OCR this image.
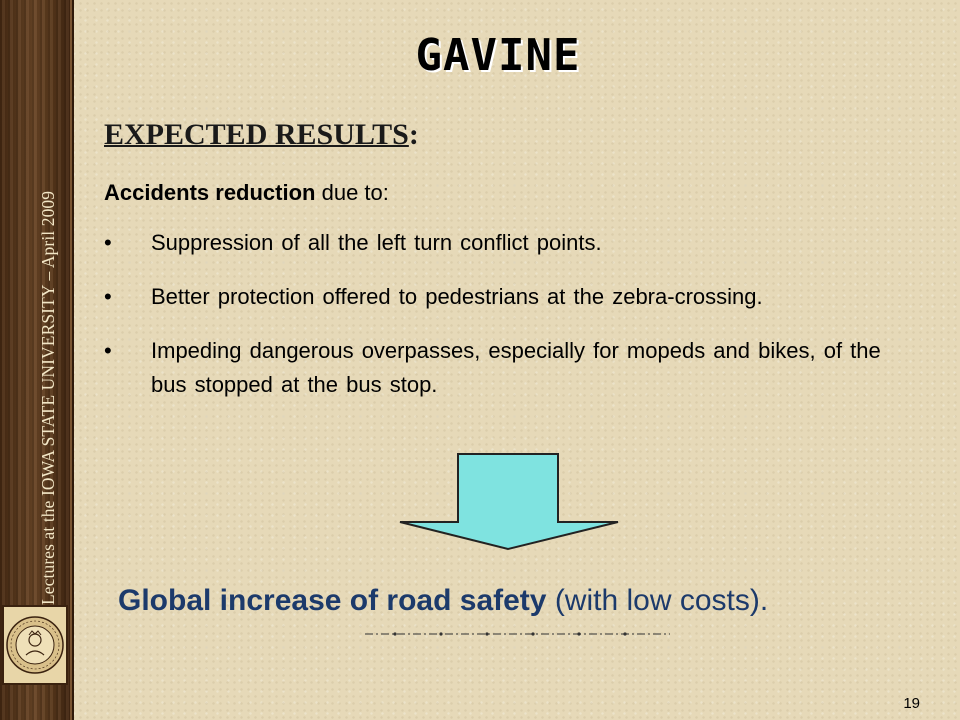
Lectures at the IOWA STATE UNIVERSITY – April 2009
GAVINE
EXPECTED RESULTS:
Accidents reduction due to:
• Suppression of all the left turn conflict points.
• Better protection offered to pedestrians at the zebra-crossing.
• Impeding dangerous overpasses, especially for mopeds and bikes, of the bus stopped at the bus stop.
Global increase of road safety (with low costs).
19
